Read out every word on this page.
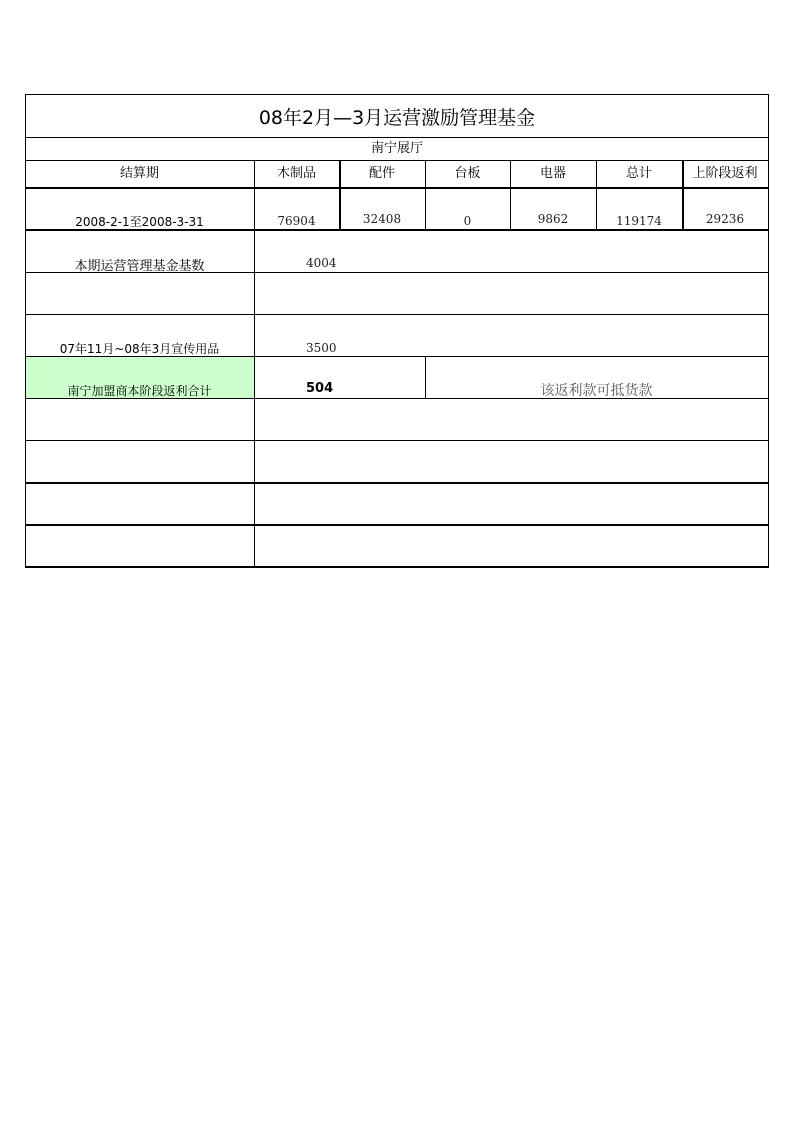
08年2月—3月运营激励管理基金
南宁展厅
结算期	木制品	配件	台板	电器	总计	上阶段返利
2008-2-1至2008-3-31	76904	32408	0	9862	119174	29236
本期运营管理基金基数	4004
07年11月~08年3月宣传用品	3500
南宁加盟商本阶段返利合计	504	该返利款可抵货款
